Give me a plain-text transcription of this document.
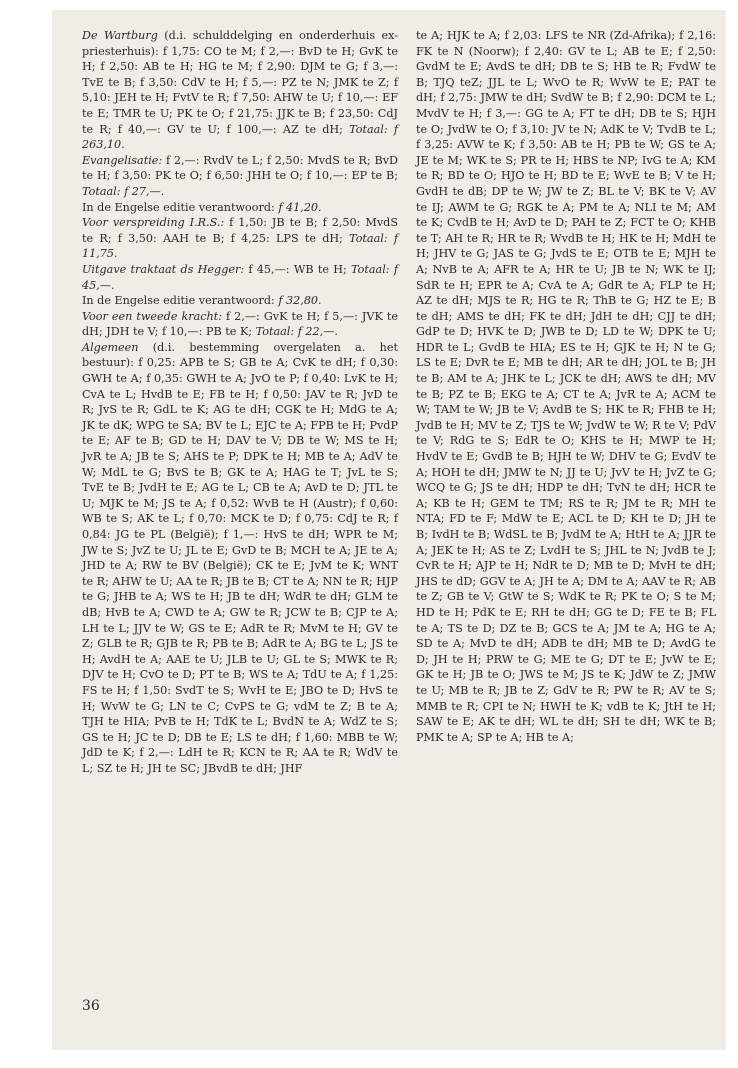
De Wartburg (d.i. schulddelging en onderderhuis ex-priesterhuis): f 1,75: CO te M; f 2,—: BvD te H; GvK te H; f 2,50: AB te H; HG te M; f 2,90: DJM te G; f 3,—: TvE te B; f 3,50: CdV te H; f 5,—: PZ te N; JMK te Z; f 5,10: JEH te H; FvtV te R; f 7,50: AHW te U; f 10,—: EF te E; TMR te U; PK te O; f 21,75: JJK te B; f 23,50: CdJ te R; f 40,—: GV te U; f 100,—: AZ te dH; Totaal: f 263,10.

Evangelisatie: f 2,—: RvdV te L; f 2,50: MvdS te R; BvD te H; f 3,50: PK te O; f 6,50: JHH te O; f 10,—: EP te B; Totaal: f 27,—.

In de Engelse editie verantwoord: f 41,20.

Voor verspreiding I.R.S.: f 1,50: JB te B; f 2,50: MvdS te R; f 3,50: AAH te B; f 4,25: LPS te dH; Totaal: f 11,75.

Uitgave traktaat ds Hegger: f 45,—: WB te H; Totaal: f 45,—.

In de Engelse editie verantwoord: f 32,80.

Voor een tweede kracht: f 2,—: GvK te H; f 5,—: JVK te dH; JDH te V; f 10,—: PB te K; Totaal: f 22,—.

Algemeen (d.i. bestemming overgelaten a. het bestuur): f 0,25: APB te S; GB te A; CvK te dH; f 0,30: GWH te A; f 0,35: GWH te A; JvO te P; f 0,40: LvK te H; CvA te L; HvdB te E; FB te H; f 0,50: JAV te R; JvD te R; JvS te R; GdL te K; AG te dH; CGK te H; MdG te A; JK te dK; WPG te SA; BV te L; EJC te A; FPB te H; PvdP te E; AF te B; GD te H; DAV te V; DB te W; MS te H; JvR te A; JB te S; AHS te P; DPK te H; MB te A; AdV te W; MdL te G; BvS te B; GK te A; HAG te T; JvL te S; TvE te B; JvdH te E; AG te L; CB te A; AvD te D; JTL te U; MJK te M; JS te A; f 0,52: WvB te H (Austr); f 0,60: WB te S; AK te L; f 0,70: MCK te D; f 0,75: CdJ te R; f 0,84: JG te PL (België); f 1,—: HvS te dH; WPR te M; JW te S; JvZ te U; JL te E; GvD te B; MCH te A; JE te A; JHD te A; RW te BV (België); CK te E; JvM te K; WNT te R; AHW te U; AA te R; JB te B; CT te A; NN te R; HJP te G; JHB te A; WS te H; JB te dH; WdR te dH; GLM te dB; HvB te A; CWD te A; GW te R; JCW te B; CJP te A; LH te L; JJV te W; GS te E; AdR te R; MvM te H; GV te Z; GLB te R; GJB te R; PB te B; AdR te A; BG te L; JS te H; AvdH te A; AAE te U; JLB te U; GL te S; MWK te R; DJV te H; CvO te D; PT te B; WS te A; TdU te A; f 1,25: FS te H; f 1,50: SvdT te S; WvH te E; JBO te D; HvS te H; WvW te G; LN te C; CvPS te G; vdM te Z; B te A; TJH te HIA; PvB te H; TdK te L; BvdN te A; WdZ te S; GS te H; JC te D; DB te E; LS te dH; f 1,60: MBB te W; JdD te K; f 2,—: LdH te R; KCN te R; AA te R; WdV te L; SZ te H; JH te SC; JBvdB te dH; JHF

te A; HJK te A; f 2,03: LFS te NR (Zd-Afrika); f 2,16: FK te N (Noorw); f 2,40: GV te L; AB te E; f 2,50: GvdM te E; AvdS te dH; DB te S; HB te R; FvdW te B; TJQ teZ; JJL te L; WvO te R; WvW te E; PAT te dH; f 2,75: JMW te dH; SvdW te B; f 2,90: DCM te L; MvdV te H; f 3,—: GG te A; FT te dH; DB te S; HJH te O; JvdW te O; f 3,10: JV te N; AdK te V; TvdB te L; f 3,25: AVW te K; f 3,50: AB te H; PB te W; GS te A; JE te M; WK te S; PR te H; HBS te NP; IvG te A; KM te R; BD te O; HJO te H; BD te E; WvE te B; V te H; GvdH te dB; DP te W; JW te Z; BL te V; BK te V; AV te IJ; AWM te G; RGK te A; PM te A; NLI te M; AM te K; CvdB te H; AvD te D; PAH te Z; FCT te O; KHB te T; AH te R; HR te R; WvdB te H; HK te H; MdH te H; JHV te G; JAS te G; JvdS te E; OTB te E; MJH te A; NvB te A; AFR te A; HR te U; JB te N; WK te IJ; SdR te H; EPR te A; CvA te A; GdR te A; FLP te H; AZ te dH; MJS te R; HG te R; ThB te G; HZ te E; B te dH; AMS te dH; FK te dH; JdH te dH; CJJ te dH; GdP te D; HVK te D; JWB te D; LD te W; DPK te U; HDR te L; GvdB te HIA; ES te H; GJK te H; N te G; LS te E; DvR te E; MB te dH; AR te dH; JOL te B; JH te B; AM te A; JHK te L; JCK te dH; AWS te dH; MV te B; PZ te B; EKG te A; CT te A; JvR te A; ACM te W; TAM te W; JB te V; AvdB te S; HK te R; FHB te H; JvdB te H; MV te Z; TJS te W; JvdW te W; R te V; PdV te V; RdG te S; EdR te O; KHS te H; MWP te H; HvdV te E; GvdB te B; HJH te W; DHV te G; EvdV te A; HOH te dH; JMW te N; JJ te U; JvV te H; JvZ te G; WCQ te G; JS te dH; HDP te dH; TvN te dH; HCR te A; KB te H; GEM te TM; RS te R; JM te R; MH te NTA; FD te F; MdW te E; ACL te D; KH te D; JH te B; IvdH te B; WdSL te B; JvdM te A; HtH te A; JJR te A; JEK te H; AS te Z; LvdH te S; JHL te N; JvdB te J; CvR te H; AJP te H; NdR te D; MB te D; MvH te dH; JHS te dD; GGV te A; JH te A; DM te A; AAV te R; AB te Z; GB te V; GtW te S; WdK te R; PK te O; S te M; HD te H; PdK te E; RH te dH; GG te D; FE te B; FL te A; TS te D; DZ te B; GCS te A; JM te A; HG te A; SD te A; MvD te dH; ADB te dH; MB te D; AvdG te D; JH te H; PRW te G; ME te G; DT te E; JvW te E; GK te H; JB te O; JWS te M; JS te K; JdW te Z; JMW te U; MB te R; JB te Z; GdV te R; PW te R; AV te S; MMB te R; CPI te N; HWH te K; vdB te K; JtH te H; SAW te E; AK te dH; WL te dH; SH te dH; WK te B; PMK te A; SP te A; HB te A;

36
